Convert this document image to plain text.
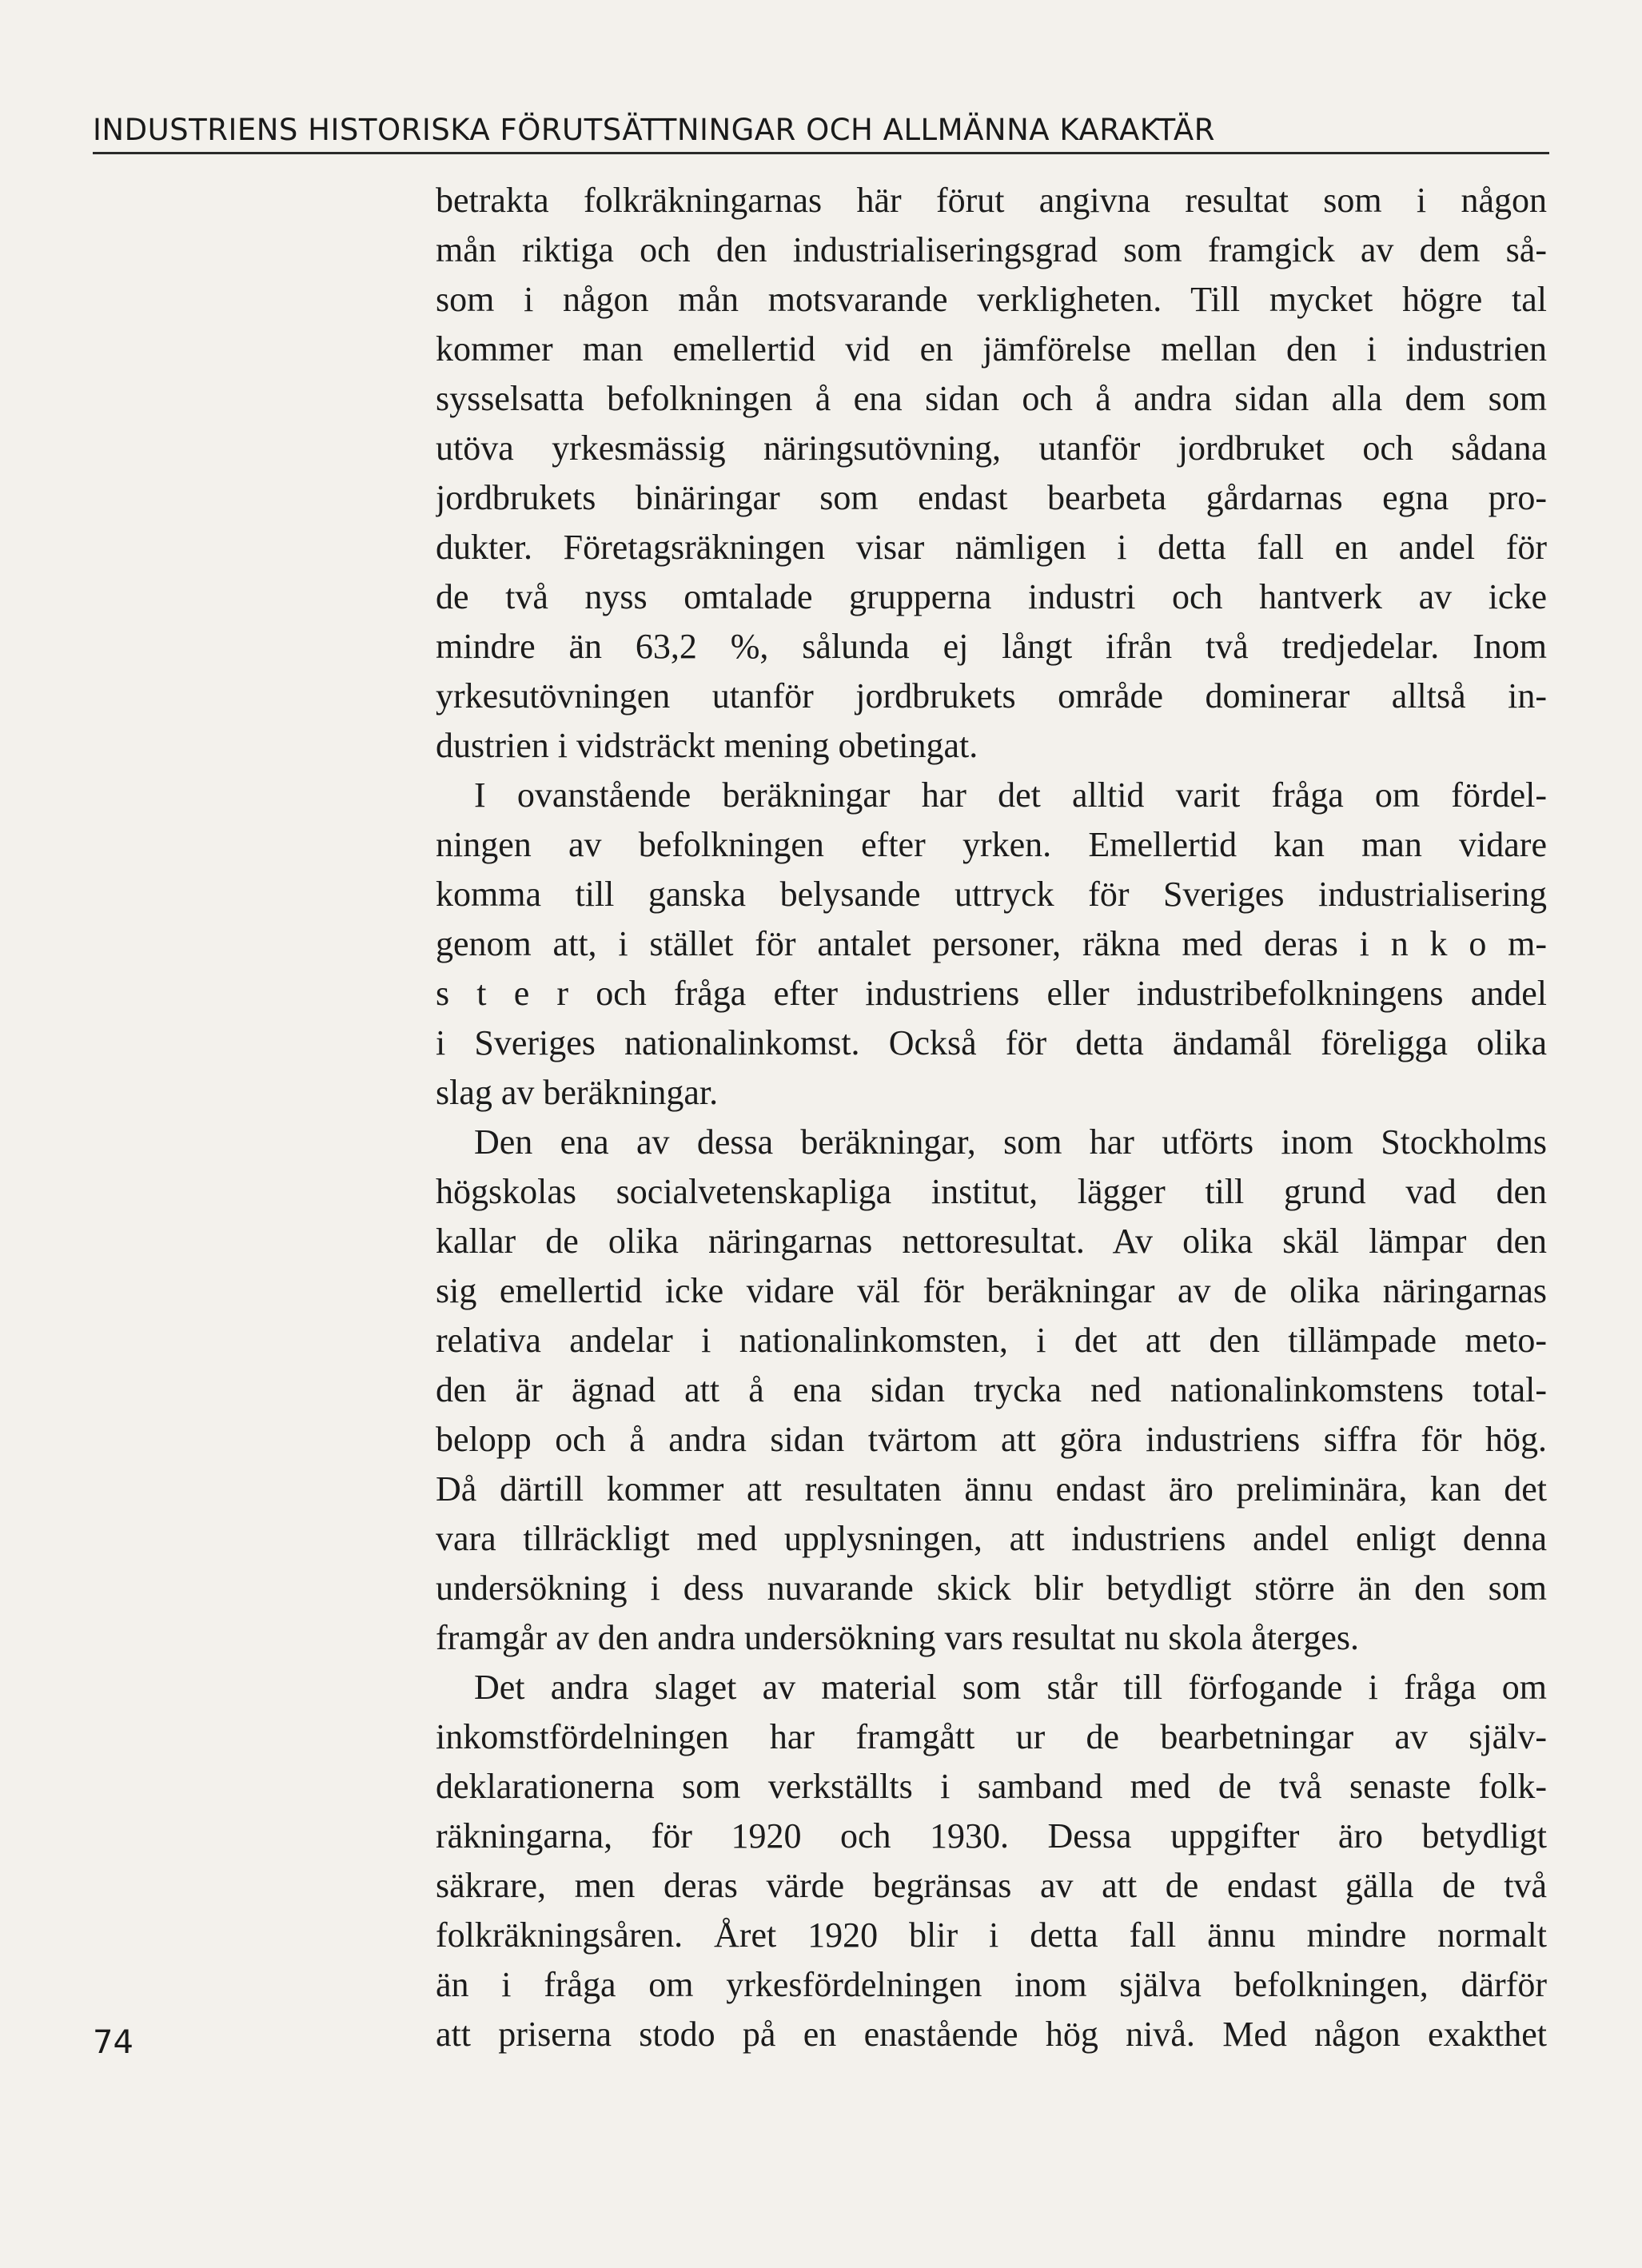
INDUSTRIENS HISTORISKA FÖRUTSÄTTNINGAR OCH ALLMÄNNA KARAKTÄR
betrakta folkräkningarnas här förut angivna resultat som i någon
mån riktiga och den industrialiseringsgrad som framgick av dem så-
som i någon mån motsvarande verkligheten. Till mycket högre tal
kommer man emellertid vid en jämförelse mellan den i industrien
sysselsatta befolkningen å ena sidan och å andra sidan alla dem som
utöva yrkesmässig näringsutövning, utanför jordbruket och sådana
jordbrukets binäringar som endast bearbeta gårdarnas egna pro-
dukter. Företagsräkningen visar nämligen i detta fall en andel för
de två nyss omtalade grupperna industri och hantverk av icke
mindre än 63,2 %, sålunda ej långt ifrån två tredjedelar. Inom
yrkesutövningen utanför jordbrukets område dominerar alltså in-
dustrien i vidsträckt mening obetingat.
I ovanstående beräkningar har det alltid varit fråga om fördel-
ningen av befolkningen efter yrken. Emellertid kan man vidare
komma till ganska belysande uttryck för Sveriges industrialisering
genom att, i stället för antalet personer, räkna med deras i n k o m-
s t e r och fråga efter industriens eller industribefolkningens andel
i Sveriges nationalinkomst. Också för detta ändamål föreligga olika
slag av beräkningar.
Den ena av dessa beräkningar, som har utförts inom Stockholms
högskolas socialvetenskapliga institut, lägger till grund vad den
kallar de olika näringarnas nettoresultat. Av olika skäl lämpar den
sig emellertid icke vidare väl för beräkningar av de olika näringarnas
relativa andelar i nationalinkomsten, i det att den tillämpade meto-
den är ägnad att å ena sidan trycka ned nationalinkomstens total-
belopp och å andra sidan tvärtom att göra industriens siffra för hög.
Då därtill kommer att resultaten ännu endast äro preliminära, kan det
vara tillräckligt med upplysningen, att industriens andel enligt denna
undersökning i dess nuvarande skick blir betydligt större än den som
framgår av den andra undersökning vars resultat nu skola återges.
Det andra slaget av material som står till förfogande i fråga om
inkomstfördelningen har framgått ur de bearbetningar av själv-
deklarationerna som verkställts i samband med de två senaste folk-
räkningarna, för 1920 och 1930. Dessa uppgifter äro betydligt
säkrare, men deras värde begränsas av att de endast gälla de två
folkräkningsåren. Året 1920 blir i detta fall ännu mindre normalt
än i fråga om yrkesfördelningen inom själva befolkningen, därför
att priserna stodo på en enastående hög nivå. Med någon exakthet
74
